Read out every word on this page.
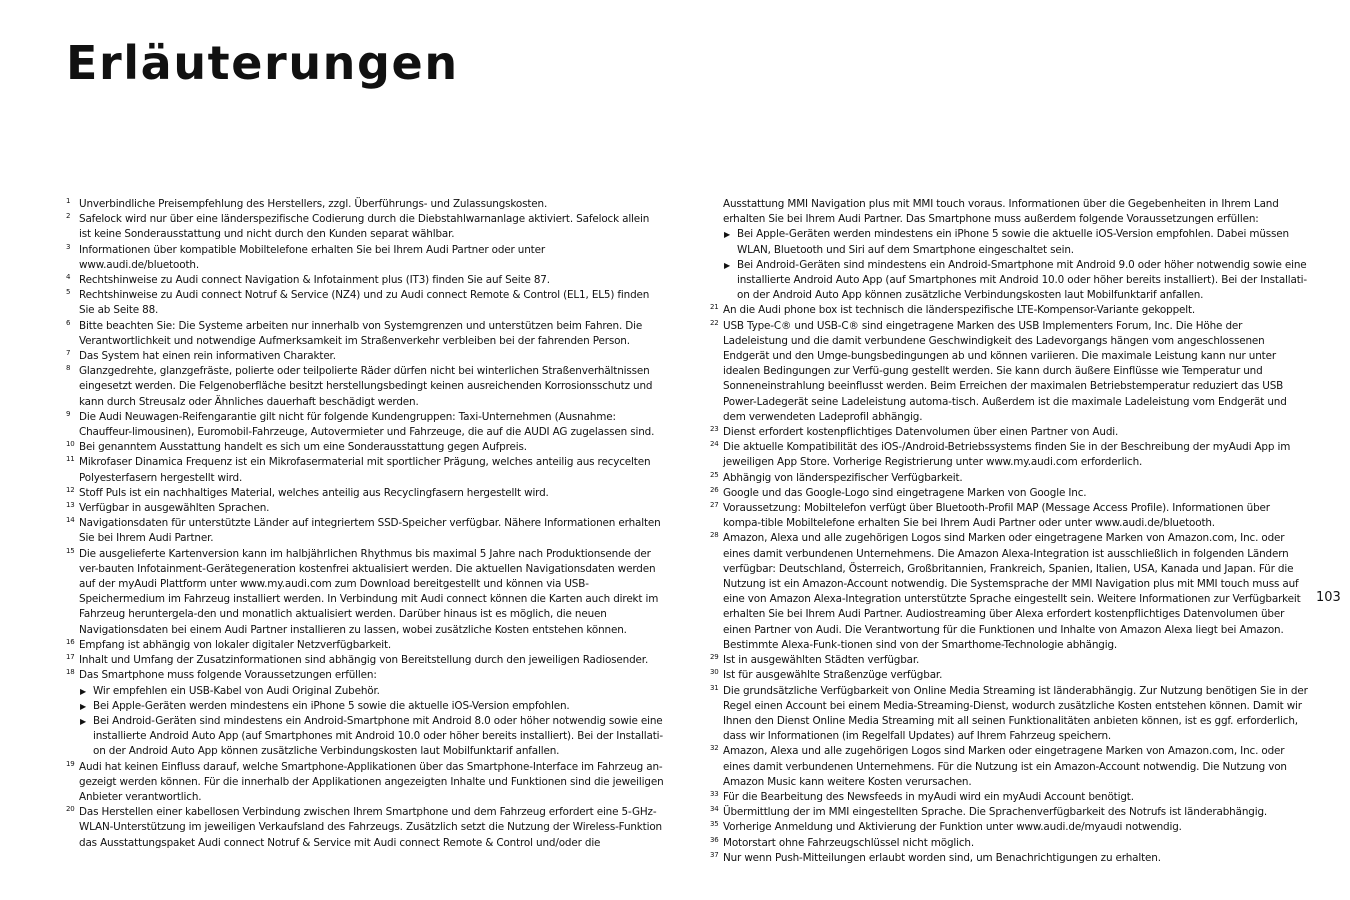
Erläuterungen
1 Unverbindliche Preisempfehlung des Herstellers, zzgl. Überführungs- und Zulassungskosten.
2 Safelock wird nur über eine länderspezifische Codierung durch die Diebstahlwarnanlage aktiviert. Safelock allein ist keine Sonderausstattung und nicht durch den Kunden separat wählbar.
3 Informationen über kompatible Mobiltelefone erhalten Sie bei Ihrem Audi Partner oder unter www.audi.de/bluetooth.
4 Rechtshinweise zu Audi connect Navigation & Infotainment plus (IT3) finden Sie auf Seite 87.
5 Rechtshinweise zu Audi connect Notruf & Service (NZ4) und zu Audi connect Remote & Control (EL1, EL5) finden Sie ab Seite 88.
6 Bitte beachten Sie: Die Systeme arbeiten nur innerhalb von Systemgrenzen und unterstützen beim Fahren. Die Verantwortlichkeit und notwendige Aufmerksamkeit im Straßenverkehr verbleiben bei der fahrenden Person.
7 Das System hat einen rein informativen Charakter.
8 Glanzgedrehte, glanzgefräste, polierte oder teilpolierte Räder dürfen nicht bei winterlichen Straßenverhältnissen eingesetzt werden. Die Felgenoberfläche besitzt herstellungsbedingt keinen ausreichenden Korrosionsschutz und kann durch Streusalz oder Ähnliches dauerhaft beschädigt werden.
9 Die Audi Neuwagen-Reifengarantie gilt nicht für folgende Kundengruppen: Taxi-Unternehmen (Ausnahme: Chauffeur-limousinen), Euromobil-Fahrzeuge, Autovermieter und Fahrzeuge, die auf die AUDI AG zugelassen sind.
10 Bei genanntem Ausstattung handelt es sich um eine Sonderausstattung gegen Aufpreis.
11 Mikrofaser Dinamica Frequenz ist ein Mikrofasermaterial mit sportlicher Prägung, welches anteilig aus recycelten Polyesterfasern hergestellt wird.
12 Stoff Puls ist ein nachhaltiges Material, welches anteilig aus Recyclingfasern hergestellt wird.
13 Verfügbar in ausgewählten Sprachen.
14 Navigationsdaten für unterstützte Länder auf integriertem SSD-Speicher verfügbar. Nähere Informationen erhalten Sie bei Ihrem Audi Partner.
15 Die ausgelieferte Kartenversion kann im halbjährlichen Rhythmus bis maximal 5 Jahre nach Produktionsende der ver-bauten Infotainment-Gerätegeneration kostenfrei aktualisiert werden. Die aktuellen Navigationsdaten werden auf der myAudi Plattform unter www.my.audi.com zum Download bereitgestellt und können via USB-Speichermedium im Fahrzeug installiert werden. In Verbindung mit Audi connect können die Karten auch direkt im Fahrzeug heruntergela-den und monatlich aktualisiert werden. Darüber hinaus ist es möglich, die neuen Navigationsdaten bei einem Audi Partner installieren zu lassen, wobei zusätzliche Kosten entstehen können.
16 Empfang ist abhängig von lokaler digitaler Netzverfügbarkeit.
17 Inhalt und Umfang der Zusatzinformationen sind abhängig von Bereitstellung durch den jeweiligen Radiosender.
18 Das Smartphone muss folgende Voraussetzungen erfüllen:
▶ Wir empfehlen ein USB-Kabel von Audi Original Zubehör.
▶ Bei Apple-Geräten werden mindestens ein iPhone 5 sowie die aktuelle iOS-Version empfohlen.
▶ Bei Android-Geräten sind mindestens ein Android-Smartphone mit Android 8.0 oder höher notwendig sowie eine installierte Android Auto App (auf Smartphones mit Android 10.0 oder höher bereits installiert). Bei der Installati-on der Android Auto App können zusätzliche Verbindungskosten laut Mobilfunktarif anfallen.
19 Audi hat keinen Einfluss darauf, welche Smartphone-Applikationen über das Smartphone-Interface im Fahrzeug an-gezeigt werden können. Für die innerhalb der Applikationen angezeigten Inhalte und Funktionen sind die jeweiligen Anbieter verantwortlich.
20 Das Herstellen einer kabellosen Verbindung zwischen Ihrem Smartphone und dem Fahrzeug erfordert eine 5-GHz-WLAN-Unterstützung im jeweiligen Verkaufsland des Fahrzeugs. Zusätzlich setzt die Nutzung der Wireless-Funktion das Ausstattungspaket Audi connect Notruf & Service mit Audi connect Remote & Control und/oder die
Ausstattung MMI Navigation plus mit MMI touch voraus. Informationen über die Gegebenheiten in Ihrem Land erhalten Sie bei Ihrem Audi Partner. Das Smartphone muss außerdem folgende Voraussetzungen erfüllen:
▶ Bei Apple-Geräten werden mindestens ein iPhone 5 sowie die aktuelle iOS-Version empfohlen. Dabei müssen WLAN, Bluetooth und Siri auf dem Smartphone eingeschaltet sein.
▶ Bei Android-Geräten sind mindestens ein Android-Smartphone mit Android 9.0 oder höher notwendig sowie eine installierte Android Auto App (auf Smartphones mit Android 10.0 oder höher bereits installiert). Bei der Installati-on der Android Auto App können zusätzliche Verbindungskosten laut Mobilfunktarif anfallen.
21 An die Audi phone box ist technisch die länderspezifische LTE-Kompensor-Variante gekoppelt.
22 USB Type-C® und USB-C® sind eingetragene Marken des USB Implementers Forum, Inc. Die Höhe der Ladeleistung und die damit verbundene Geschwindigkeit des Ladevorgangs hängen vom angeschlossenen Endgerät und den Umge-bungsbedingungen ab und können variieren. Die maximale Leistung kann nur unter idealen Bedingungen zur Verfü-gung gestellt werden. Sie kann durch äußere Einflüsse wie Temperatur und Sonneneinstrahlung beeinflusst werden. Beim Erreichen der maximalen Betriebstemperatur reduziert das USB Power-Ladegerät seine Ladeleistung automa-tisch. Außerdem ist die maximale Ladeleistung vom Endgerät und dem verwendeten Ladeprofil abhängig.
23 Dienst erfordert kostenpflichtiges Datenvolumen über einen Partner von Audi.
24 Die aktuelle Kompatibilität des iOS-/Android-Betriebssystems finden Sie in der Beschreibung der myAudi App im jeweiligen App Store. Vorherige Registrierung unter www.my.audi.com erforderlich.
25 Abhängig von länderspezifischer Verfügbarkeit.
26 Google und das Google-Logo sind eingetragene Marken von Google Inc.
27 Voraussetzung: Mobiltelefon verfügt über Bluetooth-Profil MAP (Message Access Profile). Informationen über kompa-tible Mobiltelefone erhalten Sie bei Ihrem Audi Partner oder unter www.audi.de/bluetooth.
28 Amazon, Alexa und alle zugehörigen Logos sind Marken oder eingetragene Marken von Amazon.com, Inc. oder eines damit verbundenen Unternehmens. Die Amazon Alexa-Integration ist ausschließlich in folgenden Ländern verfügbar: Deutschland, Österreich, Großbritannien, Frankreich, Spanien, Italien, USA, Kanada und Japan. Für die Nutzung ist ein Amazon-Account notwendig. Die Systemsprache der MMI Navigation plus mit MMI touch muss auf eine von Amazon Alexa-Integration unterstützte Sprache eingestellt sein. Weitere Informationen zur Verfügbarkeit erhalten Sie bei Ihrem Audi Partner. Audiostreaming über Alexa erfordert kostenpflichtiges Datenvolumen über einen Partner von Audi. Die Verantwortung für die Funktionen und Inhalte von Amazon Alexa liegt bei Amazon. Bestimmte Alexa-Funk-tionen sind von der Smarthome-Technologie abhängig.
29 Ist in ausgewählten Städten verfügbar.
30 Ist für ausgewählte Straßenzüge verfügbar.
31 Die grundsätzliche Verfügbarkeit von Online Media Streaming ist länderabhängig. Zur Nutzung benötigen Sie in der Regel einen Account bei einem Media-Streaming-Dienst, wodurch zusätzliche Kosten entstehen können. Damit wir Ihnen den Dienst Online Media Streaming mit all seinen Funktionalitäten anbieten können, ist es ggf. erforderlich, dass wir Informationen (im Regelfall Updates) auf Ihrem Fahrzeug speichern.
32 Amazon, Alexa und alle zugehörigen Logos sind Marken oder eingetragene Marken von Amazon.com, Inc. oder eines damit verbundenen Unternehmens. Für die Nutzung ist ein Amazon-Account notwendig. Die Nutzung von Amazon Music kann weitere Kosten verursachen.
33 Für die Bearbeitung des Newsfeeds in myAudi wird ein myAudi Account benötigt.
34 Übermittlung der im MMI eingestellten Sprache. Die Sprachenverfügbarkeit des Notrufs ist länderabhängig.
35 Vorherige Anmeldung und Aktivierung der Funktion unter www.audi.de/myaudi notwendig.
36 Motorstart ohne Fahrzeugschlüssel nicht möglich.
37 Nur wenn Push-Mitteilungen erlaubt worden sind, um Benachrichtigungen zu erhalten.
103
